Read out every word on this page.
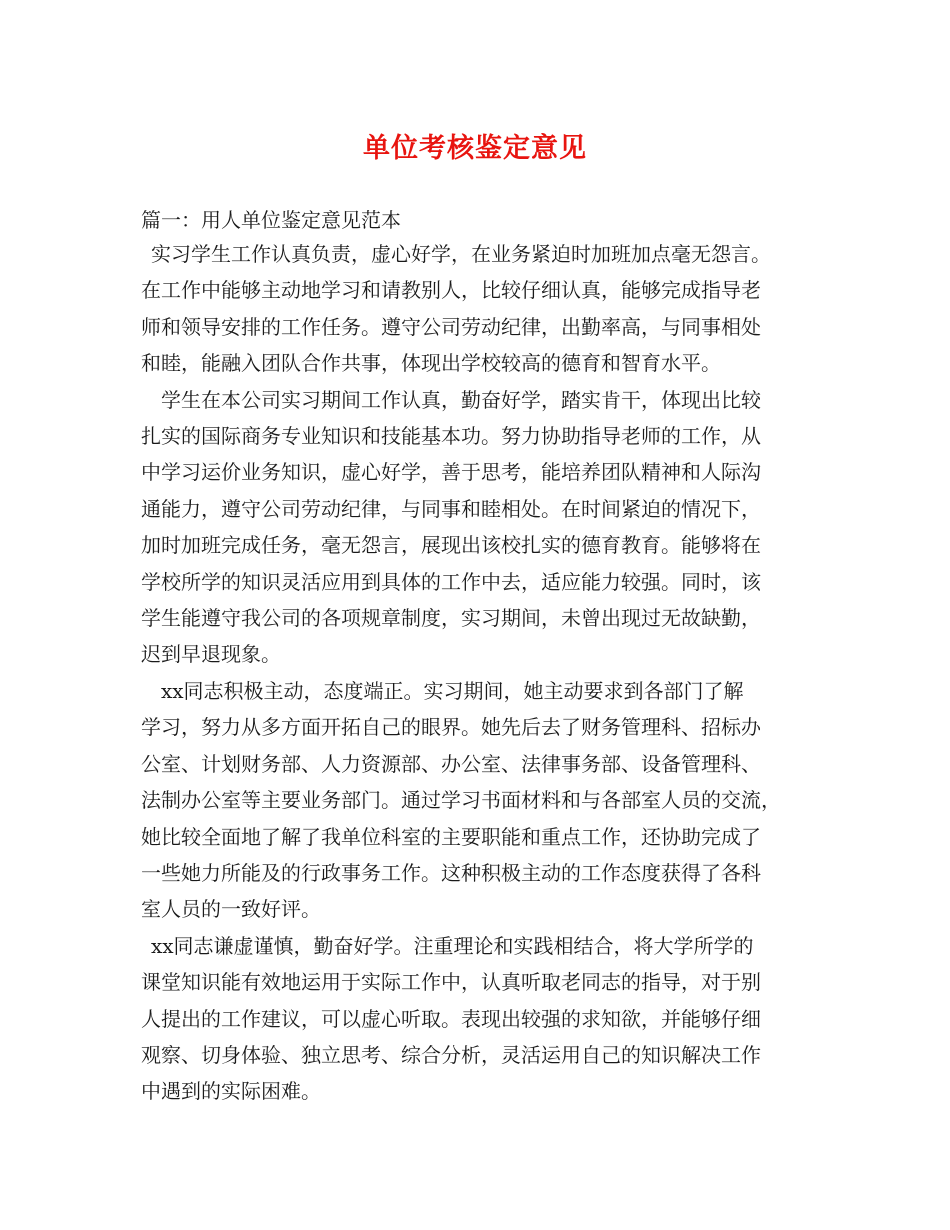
单位考核鉴定意见
篇一：用人单位鉴定意见范本
实习学生工作认真负责，虚心好学，在业务紧迫时加班加点毫无怨言。
在工作中能够主动地学习和请教别人，比较仔细认真，能够完成指导老
师和领导安排的工作任务。遵守公司劳动纪律，出勤率高，与同事相处
和睦，能融入团队合作共事，体现出学校较高的德育和智育水平。
学生在本公司实习期间工作认真，勤奋好学，踏实肯干，体现出比较
扎实的国际商务专业知识和技能基本功。努力协助指导老师的工作，从
中学习运价业务知识，虚心好学，善于思考，能培养团队精神和人际沟
通能力，遵守公司劳动纪律，与同事和睦相处。在时间紧迫的情况下，
加时加班完成任务，毫无怨言，展现出该校扎实的德育教育。能够将在
学校所学的知识灵活应用到具体的工作中去，适应能力较强。同时，该
学生能遵守我公司的各项规章制度，实习期间，未曾出现过无故缺勤，
迟到早退现象。
xx同志积极主动，态度端正。实习期间，她主动要求到各部门了解
学习，努力从多方面开拓自己的眼界。她先后去了财务管理科、招标办
公室、计划财务部、人力资源部、办公室、法律事务部、设备管理科、
法制办公室等主要业务部门。通过学习书面材料和与各部室人员的交流，
她比较全面地了解了我单位科室的主要职能和重点工作，还协助完成了
一些她力所能及的行政事务工作。这种积极主动的工作态度获得了各科
室人员的一致好评。
xx同志谦虚谨慎，勤奋好学。注重理论和实践相结合，将大学所学的
课堂知识能有效地运用于实际工作中，认真听取老同志的指导，对于别
人提出的工作建议，可以虚心听取。表现出较强的求知欲，并能够仔细
观察、切身体验、独立思考、综合分析，灵活运用自己的知识解决工作
中遇到的实际困难。
